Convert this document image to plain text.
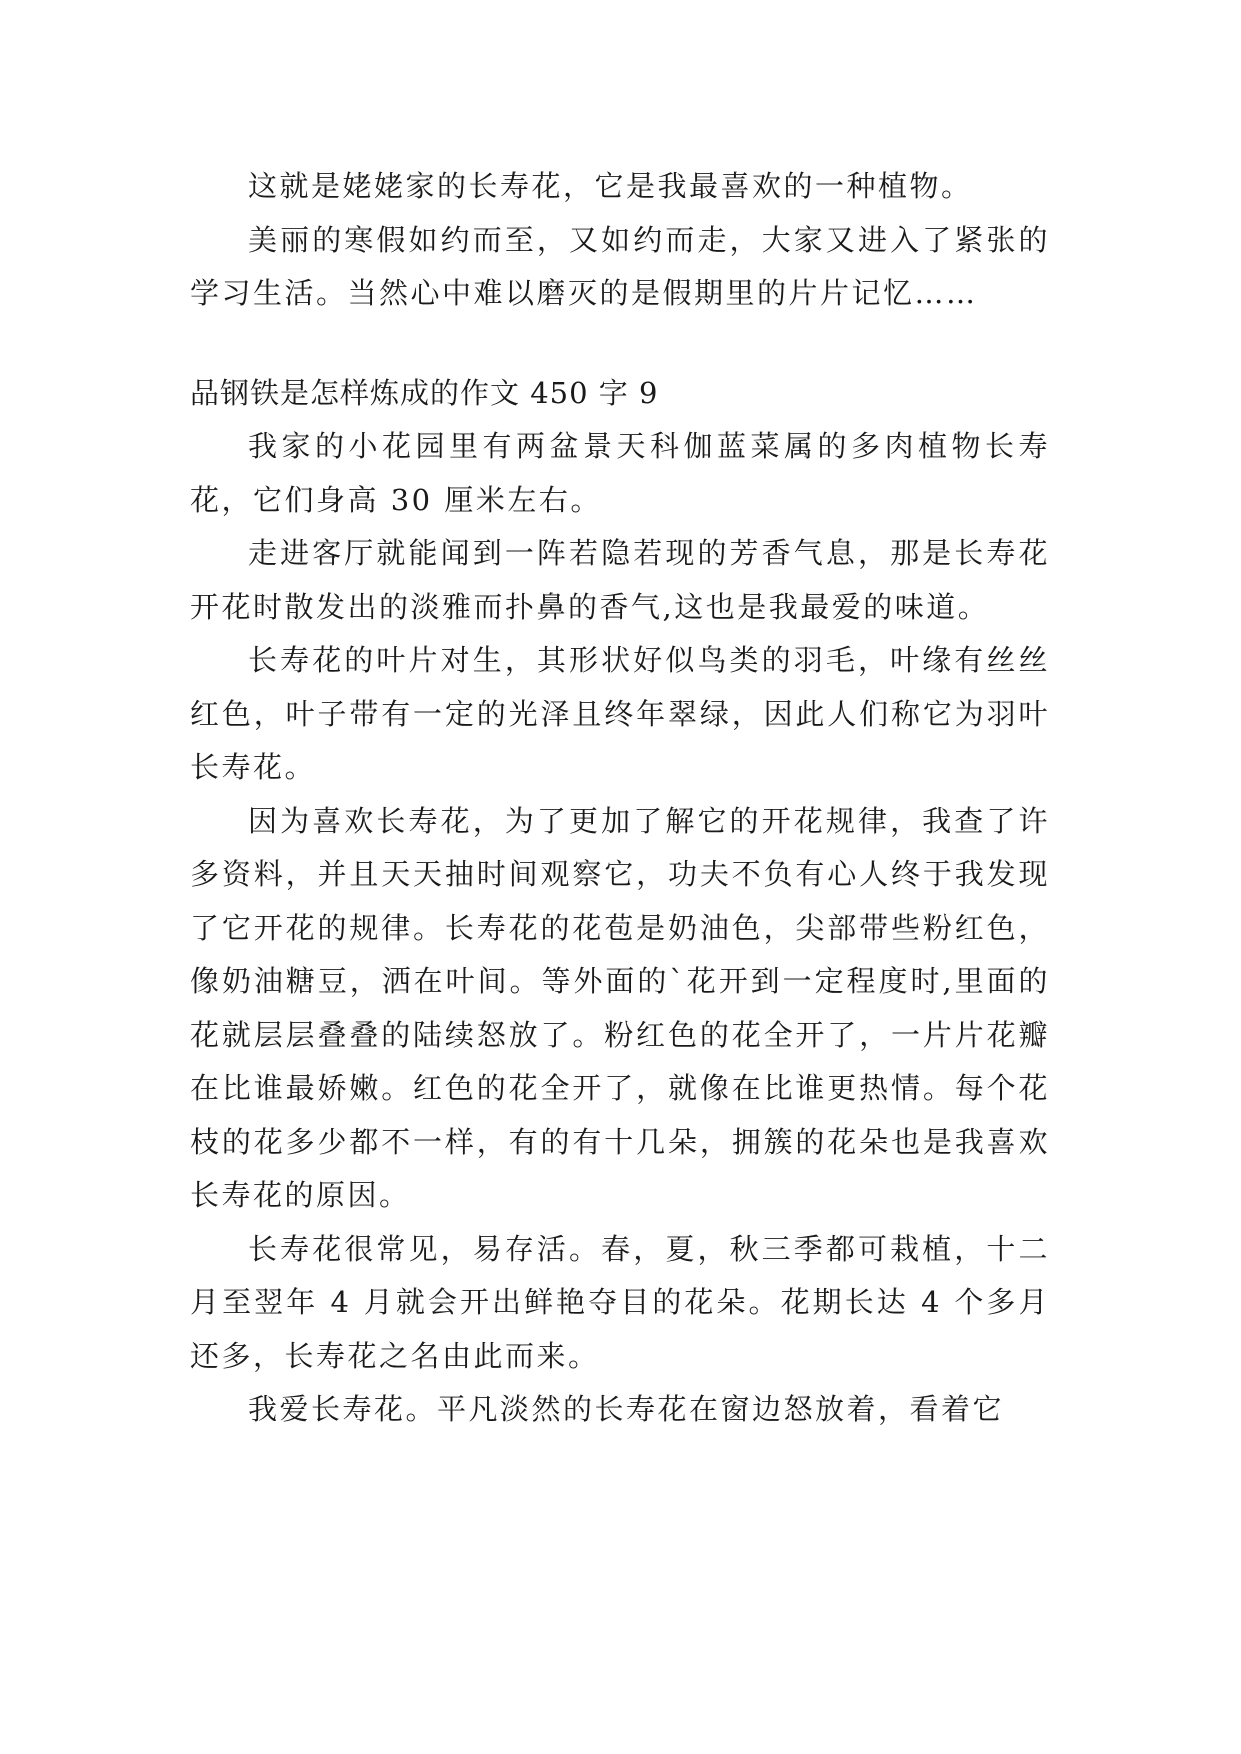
这就是姥姥家的长寿花，它是我最喜欢的一种植物。

美丽的寒假如约而至，又如约而走，大家又进入了紧张的学习生活。当然心中难以磨灭的是假期里的片片记忆……

品钢铁是怎样炼成的作文 450 字 9

我家的小花园里有两盆景天科伽蓝菜属的多肉植物长寿花，它们身高 30 厘米左右。

走进客厅就能闻到一阵若隐若现的芳香气息，那是长寿花开花时散发出的淡雅而扑鼻的香气,这也是我最爱的味道。

长寿花的叶片对生，其形状好似鸟类的羽毛，叶缘有丝丝红色，叶子带有一定的光泽且终年翠绿，因此人们称它为羽叶长寿花。

因为喜欢长寿花，为了更加了解它的开花规律，我查了许多资料，并且天天抽时间观察它，功夫不负有心人终于我发现了它开花的规律。长寿花的花苞是奶油色，尖部带些粉红色，像奶油糖豆，洒在叶间。等外面的`花开到一定程度时,里面的花就层层叠叠的陆续怒放了。粉红色的花全开了，一片片花瓣在比谁最娇嫩。红色的花全开了，就像在比谁更热情。每个花枝的花多少都不一样，有的有十几朵，拥簇的花朵也是我喜欢长寿花的原因。

长寿花很常见，易存活。春，夏，秋三季都可栽植，十二月至翌年 4 月就会开出鲜艳夺目的花朵。花期长达 4 个多月还多，长寿花之名由此而来。

我爱长寿花。平凡淡然的长寿花在窗边怒放着，看着它
